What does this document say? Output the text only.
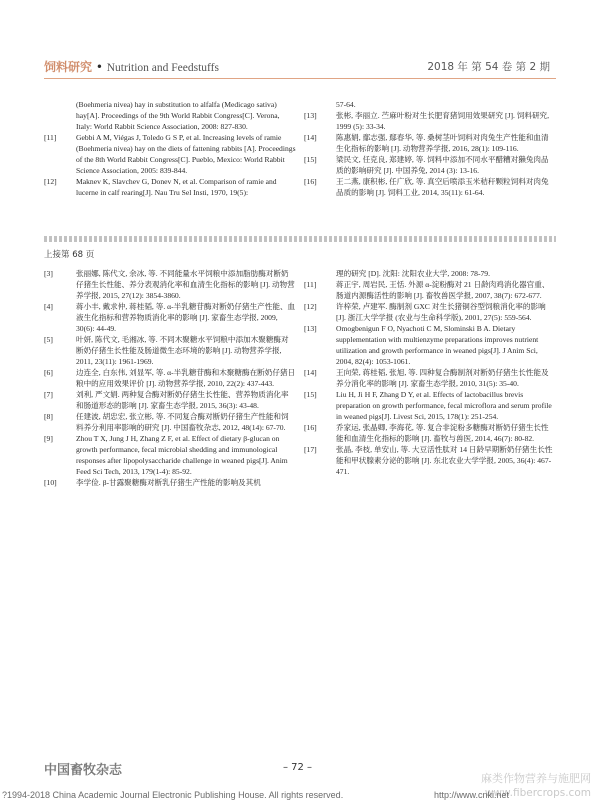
饲料研究 • Nutrition and Feedstuffs	2018 年 第 54 卷 第 2 期
(Boehmeria nivea) hay in substitution to alfalfa (Medicago sativa) hay[A]. Proceedings of the 9th World Rabbit Congress[C]. Verona, Italy: World Rabbit Science Association, 2008: 827-830.
[11]	Gebbi A M, Viégas J, Toledo G S P, et al. Increasing levels of ramie (Boehmeria nivea) hay on the diets of fattening rabbits [A]. Proceedings of the 8th World Rabbit Congress[C]. Pueblo, Mexico: World Rabbit Science Association, 2005: 839-844.
[12]	Maknev K, Slavchev G, Donev N, et al. Comparison of ramie and lucerne in calf rearing[J]. Nau Tru Sel Insti, 1970, 19(5):
57-64.
[13]	张彬, 李丽立. 苎麻叶粉对生长肥育猪饲用效果研究 [J]. 饲料研究, 1999 (5): 33-34.
[14]	陈惠娟, 鄢志强, 鄢春华, 等. 桑树茎叶饲料对肉兔生产性能和血清生化指标的影响 [J]. 动物营养学报, 2016, 28(1): 109-116.
[15]	梁民文, 任克良, 郑建婷, 等. 饲料中添加不同水平醋糟对獭兔肉品质的影响研究 [J]. 中国养兔, 2014 (3): 13-16.
[16]	王二燕, 康积彬, 任广欣, 等. 真空后喷添玉米秸秆颗粒饲料对肉兔品质的影响 [J]. 饲料工业, 2014, 35(11): 61-64.
上接第 68 页
[3]	张丽娜, 陈代文, 余冰, 等. 不同能量水平饲粮中添加脂肪酶对断奶仔猪生长性能、养分表观消化率和血清生化指标的影响 [J]. 动物营养学报, 2015, 27(12): 3854-3860.
[4]	蒋小丰, 戴求仲, 蒋桂韬, 等. α-半乳糖苷酶对断奶仔猪生产性能、血液生化指标和营养物质消化率的影响 [J]. 家畜生态学报, 2009, 30(6): 44-49.
[5]	叶妍, 陈代文, 毛湘冰, 等. 不同木聚糖水平饲粮中添加木聚糖酶对断奶仔猪生长性能及肠道微生态环境的影响 [J]. 动物营养学报, 2011, 23(11): 1961-1969.
[6]	边连全, 白东伟, 刘显军, 等. α-半乳糖苷酶和木聚糖酶在断奶仔猪日粮中的应用效果评价 [J]. 动物营养学报, 2010, 22(2): 437-443.
[7]	刘利, 严文娟. 两种复合酶对断奶仔猪生长性能、营养物质消化率和肠道形态的影响 [J]. 家畜生态学报, 2015, 36(3): 43-48.
[8]	任建波, 胡忠宏, 张立彬, 等. 不同复合酶对断奶仔猪生产性能和饲料养分利用率影响的研究 [J]. 中国畜牧杂志, 2012, 48(14): 67-70.
[9]	Zhou T X, Jung J H, Zhang Z F, et al. Effect of dietary β-glucan on growth performance, fecal microbial shedding and immunological responses after lipopolysaccharide challenge in weaned pigs[J]. Anim Feed Sci Tech, 2013, 179(1-4): 85-92.
[10]	李学俭. β-甘露聚糖酶对断乳仔猪生产性能的影响及其机
理的研究 [D]. 沈阳: 沈阳农业大学, 2008: 78-79.
[11]	蒋正宇, 周岩民, 王恬. 外源 α-淀粉酶对 21 日龄肉鸡消化器官重、肠道内源酶活性的影响 [J]. 畜牧兽医学报, 2007, 38(7): 672-677.
[12]	许梓荣, 卢建军. 酶制剂 GXC 对生长猪铜谷型饲粮消化率的影响 [J]. 浙江大学学报 (农业与生命科学版), 2001, 27(5): 559-564.
[13]	Omogbenigun F O, Nyachoti C M, Slominski B A. Dietary supplementation with multienzyme preparations improves nutrient utilization and growth performance in weaned pigs[J]. J Anim Sci, 2004, 82(4): 1053-1061.
[14]	王向荣, 蒋桂韬, 张旭, 等. 四种复合酶制剂对断奶仔猪生长性能及养分消化率的影响 [J]. 家畜生态学报, 2010, 31(5): 35-40.
[15]	Liu H, Ji H F, Zhang D Y, et al. Effects of lactobacillus brevis preparation on growth performance, fecal microflora and serum profile in weaned pigs[J]. Livest Sci, 2015, 178(1): 251-254.
[16]	乔家运, 张晶卿, 李海花, 等. 复合非淀粉多糖酶对断奶仔猪生长性能和血清生化指标的影响 [J]. 畜牧与兽医, 2014, 46(7): 80-82.
[17]	张晶, 李枝, 单安山, 等. 大豆活性肽对 14 日龄早期断奶仔猪生长性能和甲状腺素分泌的影响 [J]. 东北农业大学学报, 2005, 36(4): 467-471.
中国畜牧杂志	– 72 –
麻类作物营养与施肥网
www.fibercrops.com
?1994-2018 China Academic Journal Electronic Publishing House. All rights reserved.	http://www.cnki.net
